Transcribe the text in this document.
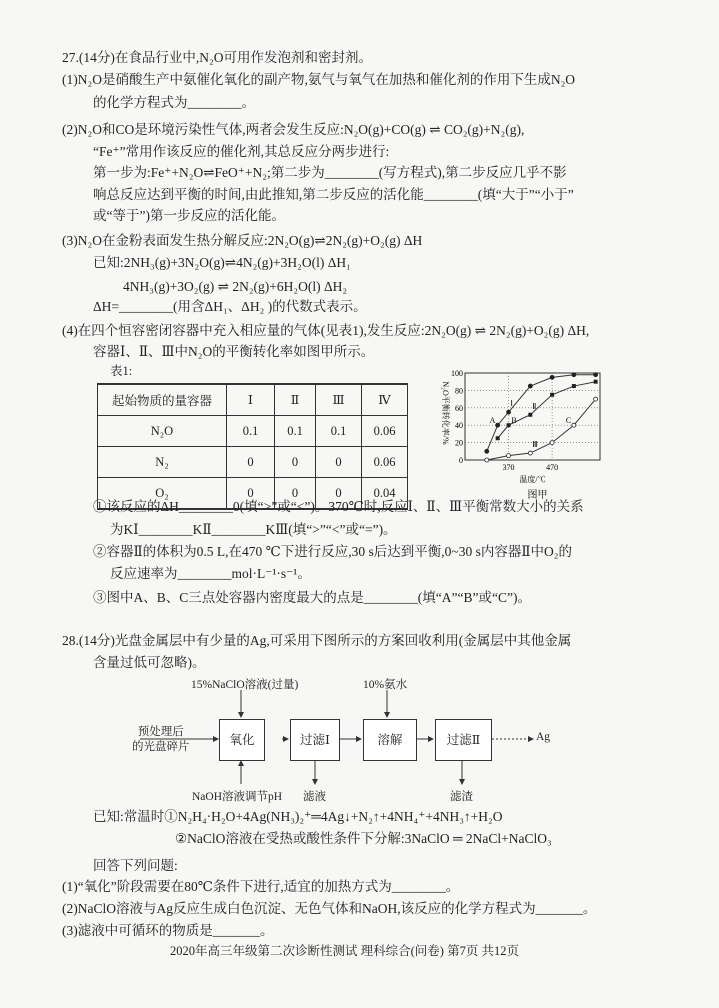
27.(14分)在食品行业中,N₂O可用作发泡剂和密封剂。
(1)N₂O是硝酸生产中氨催化氧化的副产物,氨气与氧气在加热和催化剂的作用下生成N₂O
的化学方程式为________。
(2)N₂O和CO是环境污染性气体,两者会发生反应:N₂O(g)+CO(g) ⇌ CO₂(g)+N₂(g),
“Fe⁺”常用作该反应的催化剂,其总反应分两步进行:
第一步为:Fe⁺+N₂O⇌FeO⁺+N₂;第二步为________(写方程式),第二步反应几乎不影
响总反应达到平衡的时间,由此推知,第二步反应的活化能________(填“大于”“小于”
或“等于”)第一步反应的活化能。
(3)N₂O在金粉表面发生热分解反应:2N₂O(g)⇌2N₂(g)+O₂(g) ΔH
已知:2NH₃(g)+3N₂O(g)⇌4N₂(g)+3H₂O(l) ΔH₁
4NH₃(g)+3O₂(g) ⇌ 2N₂(g)+6H₂O(l) ΔH₂
ΔH=________(用含ΔH₁、ΔH₂ )的代数式表示。
(4)在四个恒容密闭容器中充入相应量的气体(见表1),发生反应:2N₂O(g) ⇌ 2N₂(g)+O₂(g) ΔH,
容器Ⅰ、Ⅱ、Ⅲ中N₂O的平衡转化率如图甲所示。
表1:
起始物质的量容器	Ⅰ	Ⅱ	Ⅲ	Ⅳ
N₂O	0.1	0.1	0.1	0.06
N₂	0	0	0	0.06
O₂	0	0	0	0.04
0
20
40
60
80
100
370	470
温度/℃
N₂O平衡转化率/%
图甲
Ⅰ Ⅱ
Ⅲ
A B	C
①该反应的ΔH________0(填“>”或“<”)。370℃时,反应Ⅰ、Ⅱ、Ⅲ平衡常数大小的关系
为KⅠ________KⅡ________KⅢ(填“>”“<”或“=”)。
②容器Ⅱ的体积为0.5 L,在470 ℃下进行反应,30 s后达到平衡,0~30 s内容器Ⅱ中O₂的
反应速率为________mol·L⁻¹·s⁻¹。
③图中A、B、C三点处容器内密度最大的点是________(填“A”“B”或“C”)。
28.(14分)光盘金属层中有少量的Ag,可采用下图所示的方案回收利用(金属层中其他金属
含量过低可忽略)。
预处理后
的光盘碎片
15%NaClO溶液(过量)	10%氨水
NaOH溶液调节pH
氧化	过滤Ⅰ	溶解	过滤Ⅱ
滤液	滤渣
Ag
已知:常温时①N₂H₄·H₂O+4Ag(NH₃)₂⁺═4Ag↓+N₂↑+4NH₄⁺+4NH₃↑+H₂O
②NaClO溶液在受热或酸性条件下分解:3NaClO ═ 2NaCl+NaClO₃
回答下列问题:
(1)“氧化”阶段需要在80℃条件下进行,适宜的加热方式为________。
(2)NaClO溶液与Ag反应生成白色沉淀、无色气体和NaOH,该反应的化学方程式为_______。
(3)滤液中可循环的物质是_______。
2020年高三年级第二次诊断性测试 理科综合(问卷) 第7页 共12页
